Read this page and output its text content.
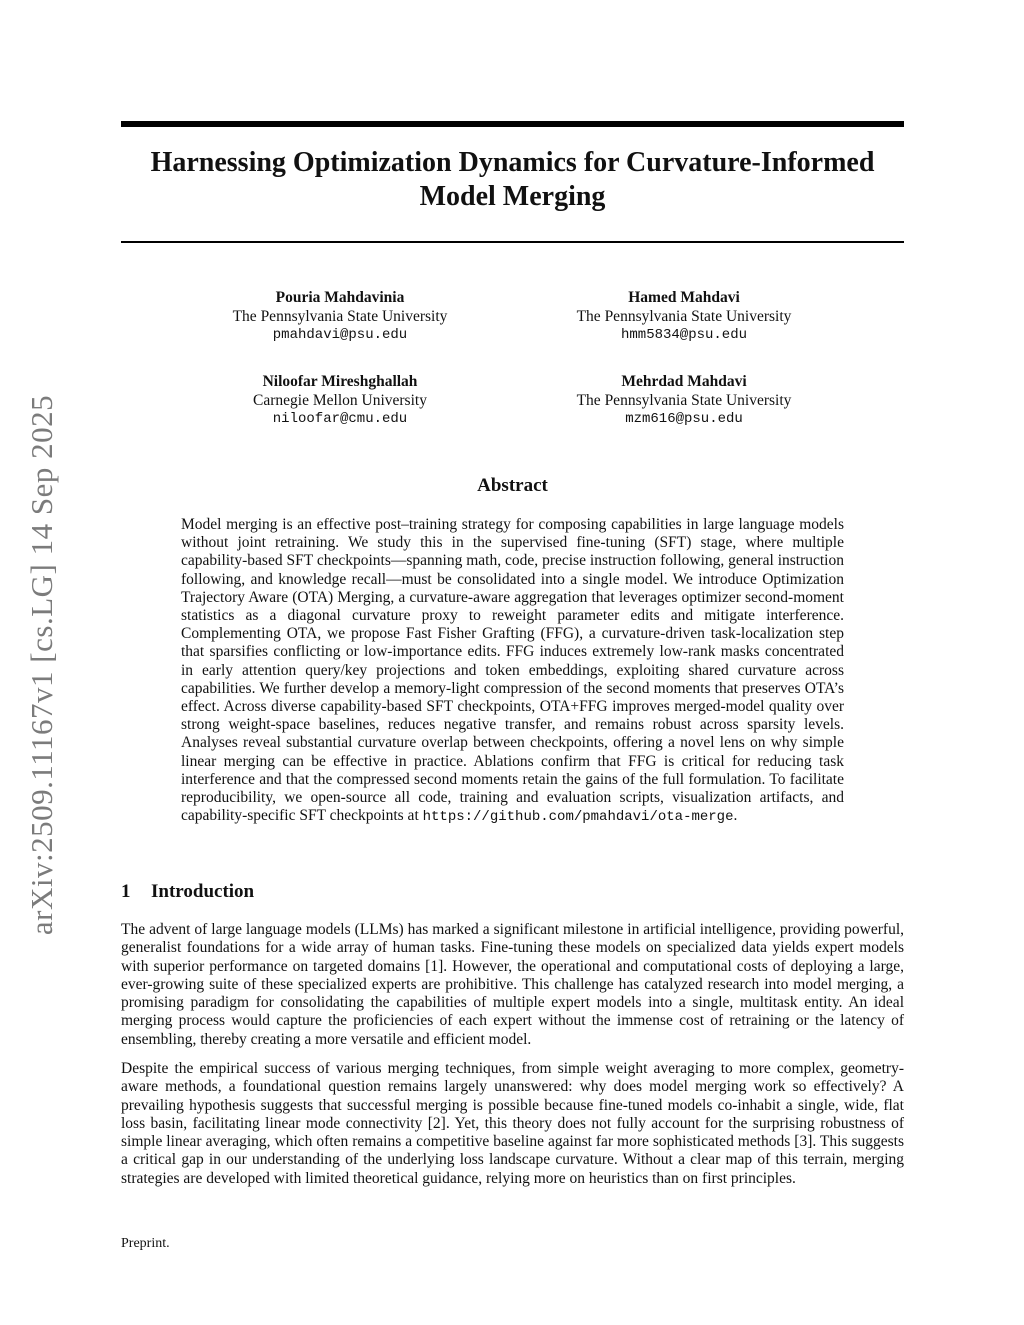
arXiv:2509.11167v1 [cs.LG] 14 Sep 2025
Harnessing Optimization Dynamics for Curvature-Informed Model Merging
Pouria Mahdavinia
The Pennsylvania State University
pmahdavi@psu.edu
Hamed Mahdavi
The Pennsylvania State University
hmm5834@psu.edu
Niloofar Mireshghallah
Carnegie Mellon University
niloofar@cmu.edu
Mehrdad Mahdavi
The Pennsylvania State University
mzm616@psu.edu
Abstract

Model merging is an effective post–training strategy for composing capabilities in large language models without joint retraining. We study this in the supervised fine-tuning (SFT) stage, where multiple capability-based SFT checkpoints—spanning math, code, precise instruction following, general instruction following, and knowledge recall—must be consolidated into a single model. We introduce Optimization Trajectory Aware (OTA) Merging, a curvature-aware aggregation that leverages optimizer second-moment statistics as a diagonal curvature proxy to reweight parameter edits and mitigate interference. Complementing OTA, we propose Fast Fisher Grafting (FFG), a curvature-driven task-localization step that sparsifies conflicting or low-importance edits. FFG induces extremely low-rank masks concentrated in early attention query/key projections and token embeddings, exploiting shared curvature across capabilities. We further develop a memory-light compression of the second moments that preserves OTA’s effect. Across diverse capability-based SFT checkpoints, OTA+FFG improves merged-model quality over strong weight-space baselines, reduces negative transfer, and remains robust across sparsity levels. Analyses reveal substantial curvature overlap between checkpoints, offering a novel lens on why simple linear merging can be effective in practice. Ablations confirm that FFG is critical for reducing task interference and that the compressed second moments retain the gains of the full formulation. To facilitate reproducibility, we open-source all code, training and evaluation scripts, visualization artifacts, and capability-specific SFT checkpoints at https://github.com/pmahdavi/ota-merge.

1 Introduction

The advent of large language models (LLMs) has marked a significant milestone in artificial intelligence, providing powerful, generalist foundations for a wide array of human tasks. Fine-tuning these models on specialized data yields expert models with superior performance on targeted domains [1]. However, the operational and computational costs of deploying a large, ever-growing suite of these specialized experts are prohibitive. This challenge has catalyzed research into model merging, a promising paradigm for consolidating the capabilities of multiple expert models into a single, multitask entity. An ideal merging process would capture the proficiencies of each expert without the immense cost of retraining or the latency of ensembling, thereby creating a more versatile and efficient model.

Despite the empirical success of various merging techniques, from simple weight averaging to more complex, geometry-aware methods, a foundational question remains largely unanswered: why does model merging work so effectively? A prevailing hypothesis suggests that successful merging is possible because fine-tuned models co-inhabit a single, wide, flat loss basin, facilitating linear mode connectivity [2]. Yet, this theory does not fully account for the surprising robustness of simple linear averaging, which often remains a competitive baseline against far more sophisticated methods [3]. This suggests a critical gap in our understanding of the underlying loss landscape curvature. Without a clear map of this terrain, merging strategies are developed with limited theoretical guidance, relying more on heuristics than on first principles.

Preprint.
